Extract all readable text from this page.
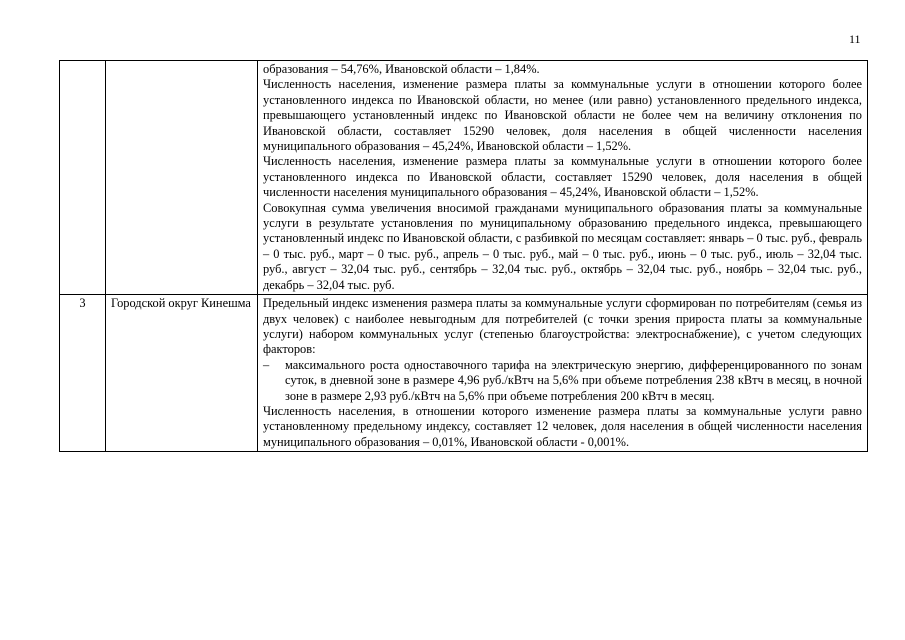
11

		образования – 54,76%, Ивановской области – 1,84%.

Численность населения, изменение размера платы за коммунальные услуги в отношении которого более установленного индекса по Ивановской области, но менее (или равно) установленного предельного индекса, превышающего установленный индекс по Ивановской области не более чем на величину отклонения по Ивановской области, составляет 15290 человек, доля населения в общей численности населения муниципального образования – 45,24%, Ивановской области – 1,52%.

Численность населения, изменение размера платы за коммунальные услуги в отношении которого более установленного индекса по Ивановской области, составляет 15290 человек, доля населения в общей численности населения муниципального образования – 45,24%, Ивановской области – 1,52%.

Совокупная сумма увеличения вносимой гражданами муниципального образования платы за коммунальные услуги в результате установления по муниципальному образованию предельного индекса, превышающего установленный индекс по Ивановской области, с разбивкой по месяцам составляет: январь – 0 тыс. руб., февраль – 0 тыс. руб., март – 0 тыс. руб., апрель – 0 тыс. руб., май – 0 тыс. руб., июнь – 0 тыс. руб., июль – 32,04 тыс. руб., август – 32,04 тыс. руб., сентябрь – 32,04 тыс. руб., октябрь – 32,04 тыс. руб., ноябрь – 32,04 тыс. руб., декабрь – 32,04 тыс. руб.

3	Городской округ Кинешма	Предельный индекс изменения размера платы за коммунальные услуги сформирован по потребителям (семья из двух человек) с наиболее невыгодным для потребителей (с точки зрения прироста платы за коммунальные услуги) набором коммунальных услуг (степенью благоустройства: электроснабжение), с учетом следующих факторов:

– максимального роста одноставочного тарифа на электрическую энергию, дифференцированного по зонам суток, в дневной зоне в размере 4,96 руб./кВтч на 5,6% при объеме потребления 238 кВтч в месяц, в ночной зоне в размере 2,93 руб./кВтч на 5,6% при объеме потребления 200 кВтч в месяц.

Численность населения, в отношении которого изменение размера платы за коммунальные услуги равно установленному предельному индексу, составляет 12 человек, доля населения в общей численности населения муниципального образования – 0,01%, Ивановской области - 0,001%.
